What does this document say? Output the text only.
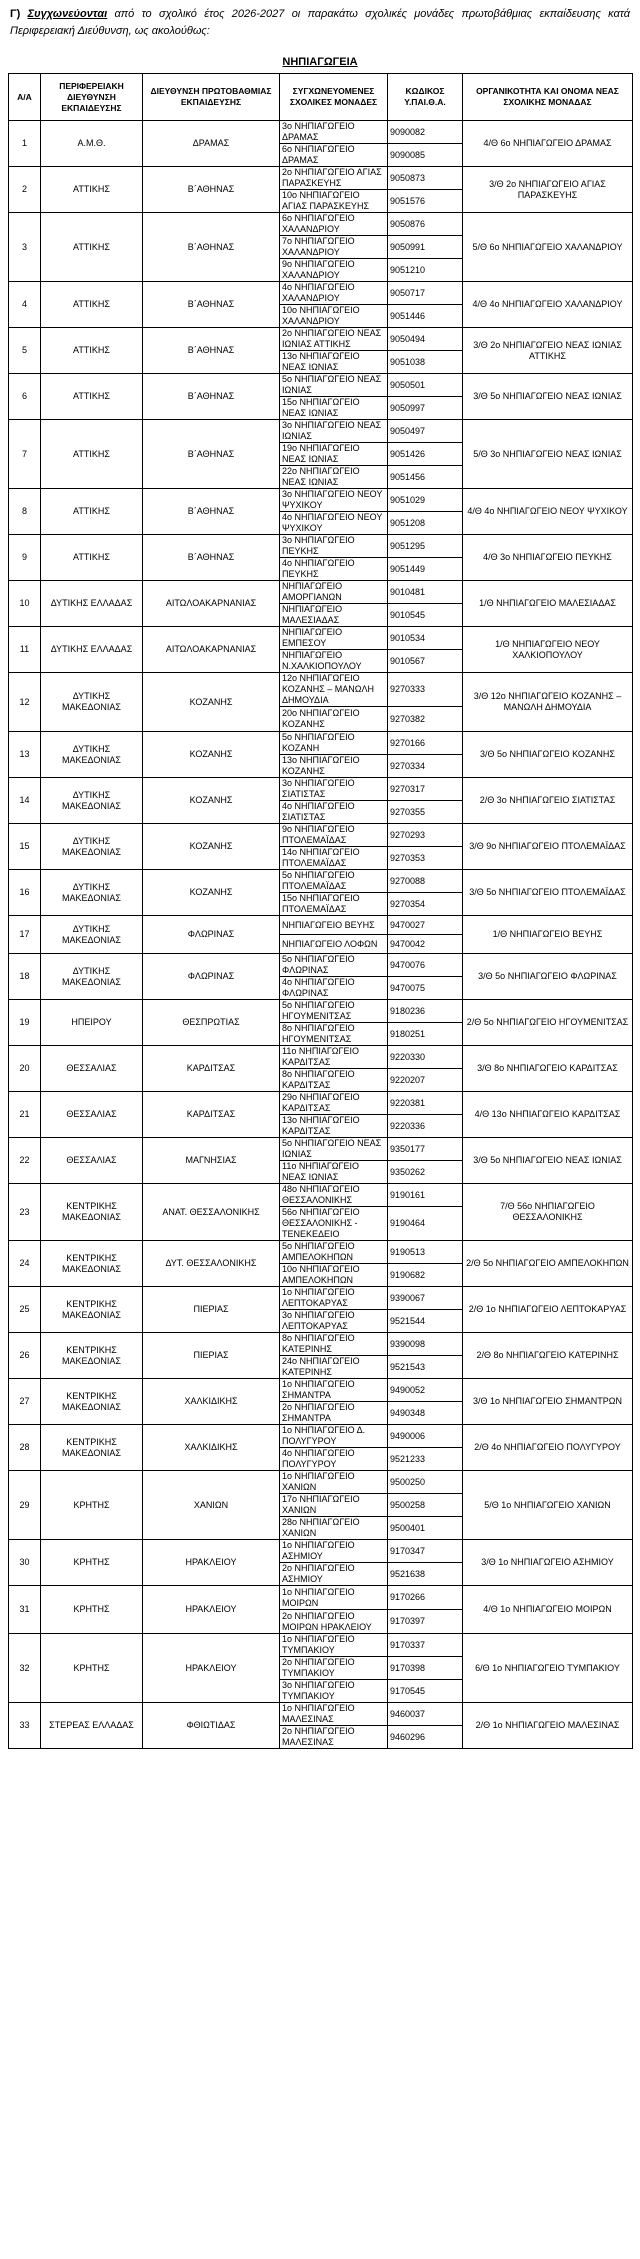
Γ) Συγχωνεύονται από το σχολικό έτος 2026-2027 οι παρακάτω σχολικές μονάδες πρωτοβάθμιας εκπαίδευσης κατά Περιφερειακή Διεύθυνση, ως ακολούθως:
ΝΗΠΙΑΓΩΓΕΙΑ
Α/Α	ΠΕΡΙΦΕΡΕΙΑΚΗ ΔΙΕΥΘΥΝΣΗ ΕΚΠΑΙΔΕΥΣΗΣ	ΔΙΕΥΘΥΝΣΗ ΠΡΩΤΟΒΑΘΜΙΑΣ ΕΚΠΑΙΔΕΥΣΗΣ	ΣΥΓΧΩΝΕΥΟΜΕΝΕΣ ΣΧΟΛΙΚΕΣ ΜΟΝΑΔΕΣ	ΚΩΔΙΚΟΣ Υ.ΠΑΙ.Θ.Α.	ΟΡΓΑΝΙΚΟΤΗΤΑ ΚΑΙ ΟΝΟΜΑ ΝΕΑΣ ΣΧΟΛΙΚΗΣ ΜΟΝΑΔΑΣ
1	Α.Μ.Θ.	ΔΡΑΜΑΣ	3ο ΝΗΠΙΑΓΩΓΕΙΟ ΔΡΑΜΑΣ	9090082	4/Θ 6ο ΝΗΠΙΑΓΩΓΕΙΟ ΔΡΑΜΑΣ
			6ο ΝΗΠΙΑΓΩΓΕΙΟ ΔΡΑΜΑΣ	9090085	
2	ΑΤΤΙΚΗΣ	Β΄ΑΘΗΝΑΣ	2ο ΝΗΠΙΑΓΩΓΕΙΟ ΑΓΙΑΣ ΠΑΡΑΣΚΕΥΗΣ	9050873	3/Θ 2ο ΝΗΠΙΑΓΩΓΕΙΟ ΑΓΙΑΣ ΠΑΡΑΣΚΕΥΗΣ
			10ο ΝΗΠΙΑΓΩΓΕΙΟ ΑΓΙΑΣ ΠΑΡΑΣΚΕΥΗΣ	9051576	
3	ΑΤΤΙΚΗΣ	Β΄ΑΘΗΝΑΣ	6ο ΝΗΠΙΑΓΩΓΕΙΟ ΧΑΛΑΝΔΡΙΟΥ	9050876	5/Θ 6ο ΝΗΠΙΑΓΩΓΕΙΟ ΧΑΛΑΝΔΡΙΟΥ
			7ο ΝΗΠΙΑΓΩΓΕΙΟ ΧΑΛΑΝΔΡΙΟΥ	9050991	
			9ο ΝΗΠΙΑΓΩΓΕΙΟ ΧΑΛΑΝΔΡΙΟΥ	9051210	
4	ΑΤΤΙΚΗΣ	Β΄ΑΘΗΝΑΣ	4ο ΝΗΠΙΑΓΩΓΕΙΟ ΧΑΛΑΝΔΡΙΟΥ	9050717	4/Θ 4ο ΝΗΠΙΑΓΩΓΕΙΟ ΧΑΛΑΝΔΡΙΟΥ
			10ο ΝΗΠΙΑΓΩΓΕΙΟ ΧΑΛΑΝΔΡΙΟΥ	9051446	
5	ΑΤΤΙΚΗΣ	Β΄ΑΘΗΝΑΣ	2ο ΝΗΠΙΑΓΩΓΕΙΟ ΝΕΑΣ ΙΩΝΙΑΣ ΑΤΤΙΚΗΣ	9050494	3/Θ 2ο ΝΗΠΙΑΓΩΓΕΙΟ ΝΕΑΣ ΙΩΝΙΑΣ ΑΤΤΙΚΗΣ
			13ο ΝΗΠΙΑΓΩΓΕΙΟ ΝΕΑΣ ΙΩΝΙΑΣ	9051038	
6	ΑΤΤΙΚΗΣ	Β΄ΑΘΗΝΑΣ	5ο ΝΗΠΙΑΓΩΓΕΙΟ ΝΕΑΣ ΙΩΝΙΑΣ	9050501	3/Θ 5ο ΝΗΠΙΑΓΩΓΕΙΟ ΝΕΑΣ ΙΩΝΙΑΣ
			15ο ΝΗΠΙΑΓΩΓΕΙΟ ΝΕΑΣ ΙΩΝΙΑΣ	9050997	
7	ΑΤΤΙΚΗΣ	Β΄ΑΘΗΝΑΣ	3ο ΝΗΠΙΑΓΩΓΕΙΟ ΝΕΑΣ ΙΩΝΙΑΣ	9050497	5/Θ 3ο ΝΗΠΙΑΓΩΓΕΙΟ ΝΕΑΣ ΙΩΝΙΑΣ
			19ο ΝΗΠΙΑΓΩΓΕΙΟ ΝΕΑΣ ΙΩΝΙΑΣ	9051426	
			22ο ΝΗΠΙΑΓΩΓΕΙΟ ΝΕΑΣ ΙΩΝΙΑΣ	9051456	
8	ΑΤΤΙΚΗΣ	Β΄ΑΘΗΝΑΣ	3ο ΝΗΠΙΑΓΩΓΕΙΟ ΝΕΟΥ ΨΥΧΙΚΟΥ	9051029	4/Θ 4ο ΝΗΠΙΑΓΩΓΕΙΟ ΝΕΟΥ ΨΥΧΙΚΟΥ
			4ο ΝΗΠΙΑΓΩΓΕΙΟ ΝΕΟΥ ΨΥΧΙΚΟΥ	9051208	
9	ΑΤΤΙΚΗΣ	Β΄ΑΘΗΝΑΣ	3ο ΝΗΠΙΑΓΩΓΕΙΟ ΠΕΥΚΗΣ	9051295	4/Θ 3ο ΝΗΠΙΑΓΩΓΕΙΟ ΠΕΥΚΗΣ
			4ο ΝΗΠΙΑΓΩΓΕΙΟ ΠΕΥΚΗΣ	9051449	
10	ΔΥΤΙΚΗΣ ΕΛΛΑΔΑΣ	ΑΙΤΩΛΟΑΚΑΡΝΑΝΙΑΣ	ΝΗΠΙΑΓΩΓΕΙΟ ΑΜΟΡΓΙΑΝΩΝ	9010481	1/Θ ΝΗΠΙΑΓΩΓΕΙΟ ΜΑΛΕΣΙΑΔΑΣ
			ΝΗΠΙΑΓΩΓΕΙΟ ΜΑΛΕΣΙΑΔΑΣ	9010545	
11	ΔΥΤΙΚΗΣ ΕΛΛΑΔΑΣ	ΑΙΤΩΛΟΑΚΑΡΝΑΝΙΑΣ	ΝΗΠΙΑΓΩΓΕΙΟ ΕΜΠΕΣΟΥ	9010534	1/Θ ΝΗΠΙΑΓΩΓΕΙΟ ΝΕΟΥ ΧΑΛΚΙΟΠΟΥΛΟΥ
			ΝΗΠΙΑΓΩΓΕΙΟ Ν.ΧΑΛΚΙΟΠΟΥΛΟΥ	9010567	
12	ΔΥΤΙΚΗΣ ΜΑΚΕΔΟΝΙΑΣ	ΚΟΖΑΝΗΣ	12ο ΝΗΠΙΑΓΩΓΕΙΟ ΚΟΖΑΝΗΣ – ΜΑΝΩΛΗ ΔΗΜΟΥΔΙΑ	9270333	3/Θ 12ο ΝΗΠΙΑΓΩΓΕΙΟ ΚΟΖΑΝΗΣ – ΜΑΝΩΛΗ ΔΗΜΟΥΔΙΑ
			20ο ΝΗΠΙΑΓΩΓΕΙΟ ΚΟΖΑΝΗΣ	9270382	
13	ΔΥΤΙΚΗΣ ΜΑΚΕΔΟΝΙΑΣ	ΚΟΖΑΝΗΣ	5ο ΝΗΠΙΑΓΩΓΕΙΟ ΚΟΖΑΝΗ	9270166	3/Θ 5ο ΝΗΠΙΑΓΩΓΕΙΟ ΚΟΖΑΝΗΣ
			13ο ΝΗΠΙΑΓΩΓΕΙΟ ΚΟΖΑΝΗΣ	9270334	
14	ΔΥΤΙΚΗΣ ΜΑΚΕΔΟΝΙΑΣ	ΚΟΖΑΝΗΣ	3ο ΝΗΠΙΑΓΩΓΕΙΟ ΣΙΑΤΙΣΤΑΣ	9270317	2/Θ 3ο ΝΗΠΙΑΓΩΓΕΙΟ ΣΙΑΤΙΣΤΑΣ
			4ο ΝΗΠΙΑΓΩΓΕΙΟ ΣΙΑΤΙΣΤΑΣ	9270355	
15	ΔΥΤΙΚΗΣ ΜΑΚΕΔΟΝΙΑΣ	ΚΟΖΑΝΗΣ	9ο ΝΗΠΙΑΓΩΓΕΙΟ ΠΤΟΛΕΜΑΪΔΑΣ	9270293	3/Θ 9ο ΝΗΠΙΑΓΩΓΕΙΟ ΠΤΟΛΕΜΑΪΔΑΣ
			14ο ΝΗΠΙΑΓΩΓΕΙΟ ΠΤΟΛΕΜΑΪΔΑΣ	9270353	
16	ΔΥΤΙΚΗΣ ΜΑΚΕΔΟΝΙΑΣ	ΚΟΖΑΝΗΣ	5ο ΝΗΠΙΑΓΩΓΕΙΟ ΠΤΟΛΕΜΑΪΔΑΣ	9270088	3/Θ 5ο ΝΗΠΙΑΓΩΓΕΙΟ ΠΤΟΛΕΜΑΪΔΑΣ
			15ο ΝΗΠΙΑΓΩΓΕΙΟ ΠΤΟΛΕΜΑΪΔΑΣ	9270354	
17	ΔΥΤΙΚΗΣ ΜΑΚΕΔΟΝΙΑΣ	ΦΛΩΡΙΝΑΣ	ΝΗΠΙΑΓΩΓΕΙΟ ΒΕΥΗΣ	9470027	1/Θ ΝΗΠΙΑΓΩΓΕΙΟ ΒΕΥΗΣ
			ΝΗΠΙΑΓΩΓΕΙΟ ΛΟΦΩΝ	9470042	
18	ΔΥΤΙΚΗΣ ΜΑΚΕΔΟΝΙΑΣ	ΦΛΩΡΙΝΑΣ	5ο ΝΗΠΙΑΓΩΓΕΙΟ ΦΛΩΡΙΝΑΣ	9470076	3/Θ 5ο ΝΗΠΙΑΓΩΓΕΙΟ ΦΛΩΡΙΝΑΣ
			4ο ΝΗΠΙΑΓΩΓΕΙΟ ΦΛΩΡΙΝΑΣ	9470075	
19	ΗΠΕΙΡΟΥ	ΘΕΣΠΡΩΤΙΑΣ	5ο ΝΗΠΙΑΓΩΓΕΙΟ ΗΓΟΥΜΕΝΙΤΣΑΣ	9180236	2/Θ 5ο ΝΗΠΙΑΓΩΓΕΙΟ ΗΓΟΥΜΕΝΙΤΣΑΣ
			8ο ΝΗΠΙΑΓΩΓΕΙΟ ΗΓΟΥΜΕΝΙΤΣΑΣ	9180251	
20	ΘΕΣΣΑΛΙΑΣ	ΚΑΡΔΙΤΣΑΣ	11ο ΝΗΠΙΑΓΩΓΕΙΟ ΚΑΡΔΙΤΣΑΣ	9220330	3/Θ 8ο ΝΗΠΙΑΓΩΓΕΙΟ ΚΑΡΔΙΤΣΑΣ
			8ο ΝΗΠΙΑΓΩΓΕΙΟ ΚΑΡΔΙΤΣΑΣ	9220207	
21	ΘΕΣΣΑΛΙΑΣ	ΚΑΡΔΙΤΣΑΣ	29ο ΝΗΠΙΑΓΩΓΕΙΟ ΚΑΡΔΙΤΣΑΣ	9220381	4/Θ 13ο ΝΗΠΙΑΓΩΓΕΙΟ ΚΑΡΔΙΤΣΑΣ
			13ο ΝΗΠΙΑΓΩΓΕΙΟ ΚΑΡΔΙΤΣΑΣ	9220336	
22	ΘΕΣΣΑΛΙΑΣ	ΜΑΓΝΗΣΙΑΣ	5ο ΝΗΠΙΑΓΩΓΕΙΟ ΝΕΑΣ ΙΩΝΙΑΣ	9350177	3/Θ 5ο ΝΗΠΙΑΓΩΓΕΙΟ ΝΕΑΣ ΙΩΝΙΑΣ
			11ο ΝΗΠΙΑΓΩΓΕΙΟ ΝΕΑΣ ΙΩΝΙΑΣ	9350262	
23	ΚΕΝΤΡΙΚΗΣ ΜΑΚΕΔΟΝΙΑΣ	ΑΝΑΤ. ΘΕΣΣΑΛΟΝΙΚΗΣ	48ο ΝΗΠΙΑΓΩΓΕΙΟ ΘΕΣΣΑΛΟΝΙΚΗΣ	9190161	7/Θ 56ο ΝΗΠΙΑΓΩΓΕΙΟ ΘΕΣΣΑΛΟΝΙΚΗΣ
			56ο ΝΗΠΙΑΓΩΓΕΙΟ ΘΕΣΣΑΛΟΝΙΚΗΣ - ΤΕΝΕΚΕΔΕΙΟ	9190464	
24	ΚΕΝΤΡΙΚΗΣ ΜΑΚΕΔΟΝΙΑΣ	ΔΥΤ. ΘΕΣΣΑΛΟΝΙΚΗΣ	5ο ΝΗΠΙΑΓΩΓΕΙΟ ΑΜΠΕΛΟΚΗΠΩΝ	9190513	2/Θ 5ο ΝΗΠΙΑΓΩΓΕΙΟ ΑΜΠΕΛΟΚΗΠΩΝ
			10ο ΝΗΠΙΑΓΩΓΕΙΟ ΑΜΠΕΛΟΚΗΠΩΝ	9190682	
25	ΚΕΝΤΡΙΚΗΣ ΜΑΚΕΔΟΝΙΑΣ	ΠΙΕΡΙΑΣ	1ο ΝΗΠΙΑΓΩΓΕΙΟ ΛΕΠΤΟΚΑΡΥΑΣ	9390067	2/Θ 1ο ΝΗΠΙΑΓΩΓΕΙΟ ΛΕΠΤΟΚΑΡΥΑΣ
			3ο ΝΗΠΙΑΓΩΓΕΙΟ ΛΕΠΤΟΚΑΡΥΑΣ	9521544	
26	ΚΕΝΤΡΙΚΗΣ ΜΑΚΕΔΟΝΙΑΣ	ΠΙΕΡΙΑΣ	8ο ΝΗΠΙΑΓΩΓΕΙΟ ΚΑΤΕΡΙΝΗΣ	9390098	2/Θ 8ο ΝΗΠΙΑΓΩΓΕΙΟ ΚΑΤΕΡΙΝΗΣ
			24ο ΝΗΠΙΑΓΩΓΕΙΟ ΚΑΤΕΡΙΝΗΣ	9521543	
27	ΚΕΝΤΡΙΚΗΣ ΜΑΚΕΔΟΝΙΑΣ	ΧΑΛΚΙΔΙΚΗΣ	1ο ΝΗΠΙΑΓΩΓΕΙΟ ΣΗΜΑΝΤΡΑ	9490052	3/Θ 1ο ΝΗΠΙΑΓΩΓΕΙΟ ΣΗΜΑΝΤΡΩΝ
			2ο ΝΗΠΙΑΓΩΓΕΙΟ ΣΗΜΑΝΤΡΑ	9490348	
28	ΚΕΝΤΡΙΚΗΣ ΜΑΚΕΔΟΝΙΑΣ	ΧΑΛΚΙΔΙΚΗΣ	1ο ΝΗΠΙΑΓΩΓΕΙΟ Δ. ΠΟΛΥΓΥΡΟΥ	9490006	2/Θ 4ο ΝΗΠΙΑΓΩΓΕΙΟ ΠΟΛΥΓΥΡΟΥ
			4ο ΝΗΠΙΑΓΩΓΕΙΟ ΠΟΛΥΓΥΡΟΥ	9521233	
29	ΚΡΗΤΗΣ	ΧΑΝΙΩΝ	1ο ΝΗΠΙΑΓΩΓΕΙΟ ΧΑΝΙΩΝ	9500250	5/Θ 1ο ΝΗΠΙΑΓΩΓΕΙΟ ΧΑΝΙΩΝ
			17ο ΝΗΠΙΑΓΩΓΕΙΟ ΧΑΝΙΩΝ	9500258	
			28ο ΝΗΠΙΑΓΩΓΕΙΟ ΧΑΝΙΩΝ	9500401	
30	ΚΡΗΤΗΣ	ΗΡΑΚΛΕΙΟΥ	1ο ΝΗΠΙΑΓΩΓΕΙΟ ΑΣΗΜΙΟΥ	9170347	3/Θ 1ο ΝΗΠΙΑΓΩΓΕΙΟ ΑΣΗΜΙΟΥ
			2ο ΝΗΠΙΑΓΩΓΕΙΟ ΑΣΗΜΙΟΥ	9521638	
31	ΚΡΗΤΗΣ	ΗΡΑΚΛΕΙΟΥ	1ο ΝΗΠΙΑΓΩΓΕΙΟ ΜΟΙΡΩΝ	9170266	4/Θ 1ο ΝΗΠΙΑΓΩΓΕΙΟ ΜΟΙΡΩΝ
			2ο ΝΗΠΙΑΓΩΓΕΙΟ ΜΟΙΡΩΝ ΗΡΑΚΛΕΙΟΥ	9170397	
32	ΚΡΗΤΗΣ	ΗΡΑΚΛΕΙΟΥ	1ο ΝΗΠΙΑΓΩΓΕΙΟ ΤΥΜΠΑΚΙΟΥ	9170337	6/Θ 1ο ΝΗΠΙΑΓΩΓΕΙΟ ΤΥΜΠΑΚΙΟΥ
			2ο ΝΗΠΙΑΓΩΓΕΙΟ ΤΥΜΠΑΚΙΟΥ	9170398	
			3ο ΝΗΠΙΑΓΩΓΕΙΟ ΤΥΜΠΑΚΙΟΥ	9170545	
33	ΣΤΕΡΕΑΣ ΕΛΛΑΔΑΣ	ΦΘΙΩΤΙΔΑΣ	1ο ΝΗΠΙΑΓΩΓΕΙΟ ΜΑΛΕΣΙΝΑΣ	9460037	2/Θ 1ο ΝΗΠΙΑΓΩΓΕΙΟ ΜΑΛΕΣΙΝΑΣ
			2ο ΝΗΠΙΑΓΩΓΕΙΟ ΜΑΛΕΣΙΝΑΣ	9460296	
